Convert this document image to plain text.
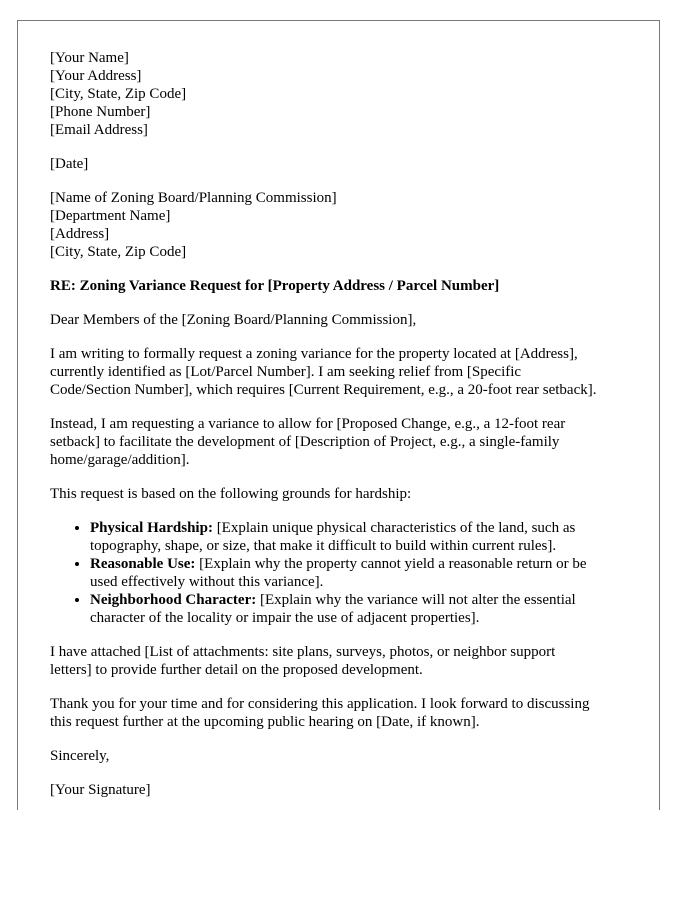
[Your Name]
[Your Address]
[City, State, Zip Code]
[Phone Number]
[Email Address]
[Date]
[Name of Zoning Board/Planning Commission]
[Department Name]
[Address]
[City, State, Zip Code]
RE: Zoning Variance Request for [Property Address / Parcel Number]

Dear Members of the [Zoning Board/Planning Commission],

I am writing to formally request a zoning variance for the property located at [Address],
currently identified as [Lot/Parcel Number]. I am seeking relief from [Specific
Code/Section Number], which requires [Current Requirement, e.g., a 20-foot rear setback].

Instead, I am requesting a variance to allow for [Proposed Change, e.g., a 12-foot rear
setback] to facilitate the development of [Description of Project, e.g., a single-family
home/garage/addition].

This request is based on the following grounds for hardship:

• Physical Hardship: [Explain unique physical characteristics of the land, such as
topography, shape, or size, that make it difficult to build within current rules].
• Reasonable Use: [Explain why the property cannot yield a reasonable return or be
used effectively without this variance].
• Neighborhood Character: [Explain why the variance will not alter the essential
character of the locality or impair the use of adjacent properties].

I have attached [List of attachments: site plans, surveys, photos, or neighbor support
letters] to provide further detail on the proposed development.

Thank you for your time and for considering this application. I look forward to discussing
this request further at the upcoming public hearing on [Date, if known].

Sincerely,

[Your Signature]
